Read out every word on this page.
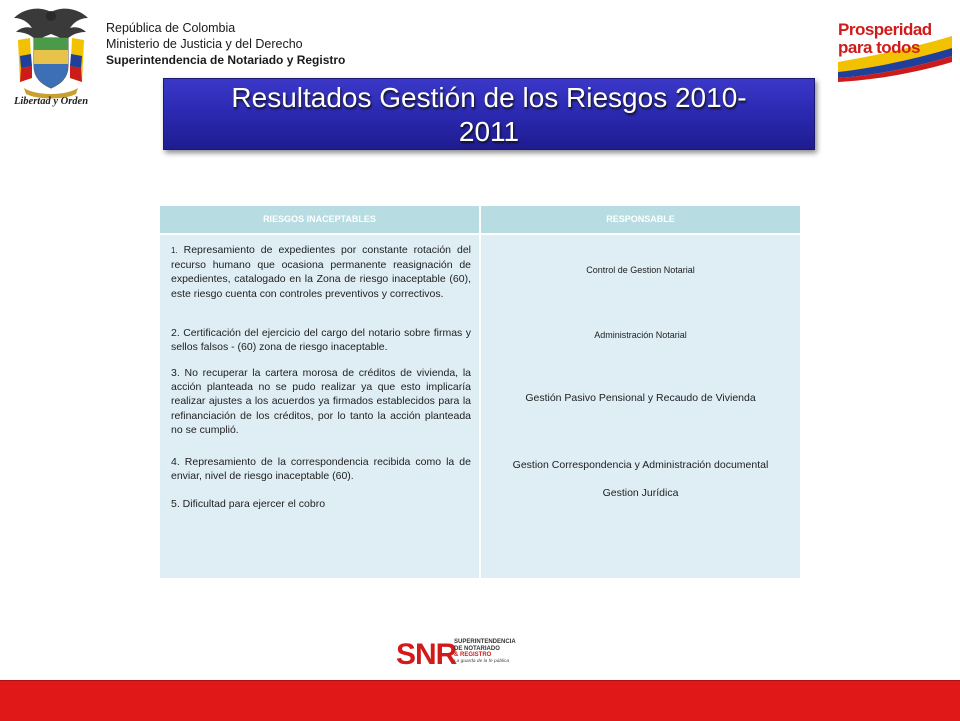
Libertad y Orden
República de Colombia
Ministerio de Justicia y del Derecho
Superintendencia de Notariado y Registro
Prosperidad
para todos
Resultados Gestión de los Riesgos 2010-
2011
RIESGOS INACEPTABLES	RESPONSABLE
1. Represamiento de expedientes por constante rotación del recurso humano que ocasiona permanente reasignación de expedientes, catalogado en la Zona de riesgo inaceptable (60), este riesgo cuenta con controles preventivos y correctivos.
2. Certificación del ejercicio del cargo del notario sobre firmas y sellos falsos - (60) zona de riesgo inaceptable.
3. No recuperar la cartera morosa de créditos de vivienda, la acción planteada no se pudo realizar ya que esto implicaría realizar ajustes a los acuerdos ya firmados establecidos para la refinanciación de los créditos, por lo tanto la acción planteada no se cumplió.
4. Represamiento de la correspondencia recibida como la de enviar, nivel de riesgo inaceptable (60).
5. Dificultad para ejercer el cobro
Control de Gestion Notarial
Administración Notarial
Gestión Pasivo Pensional y Recaudo de Vivienda
Gestion Correspondencia y Administración documental
Gestion Jurídica
SNR
SUPERINTENDENCIA
DE NOTARIADO
& REGISTRO
La guarda de la fe pública
